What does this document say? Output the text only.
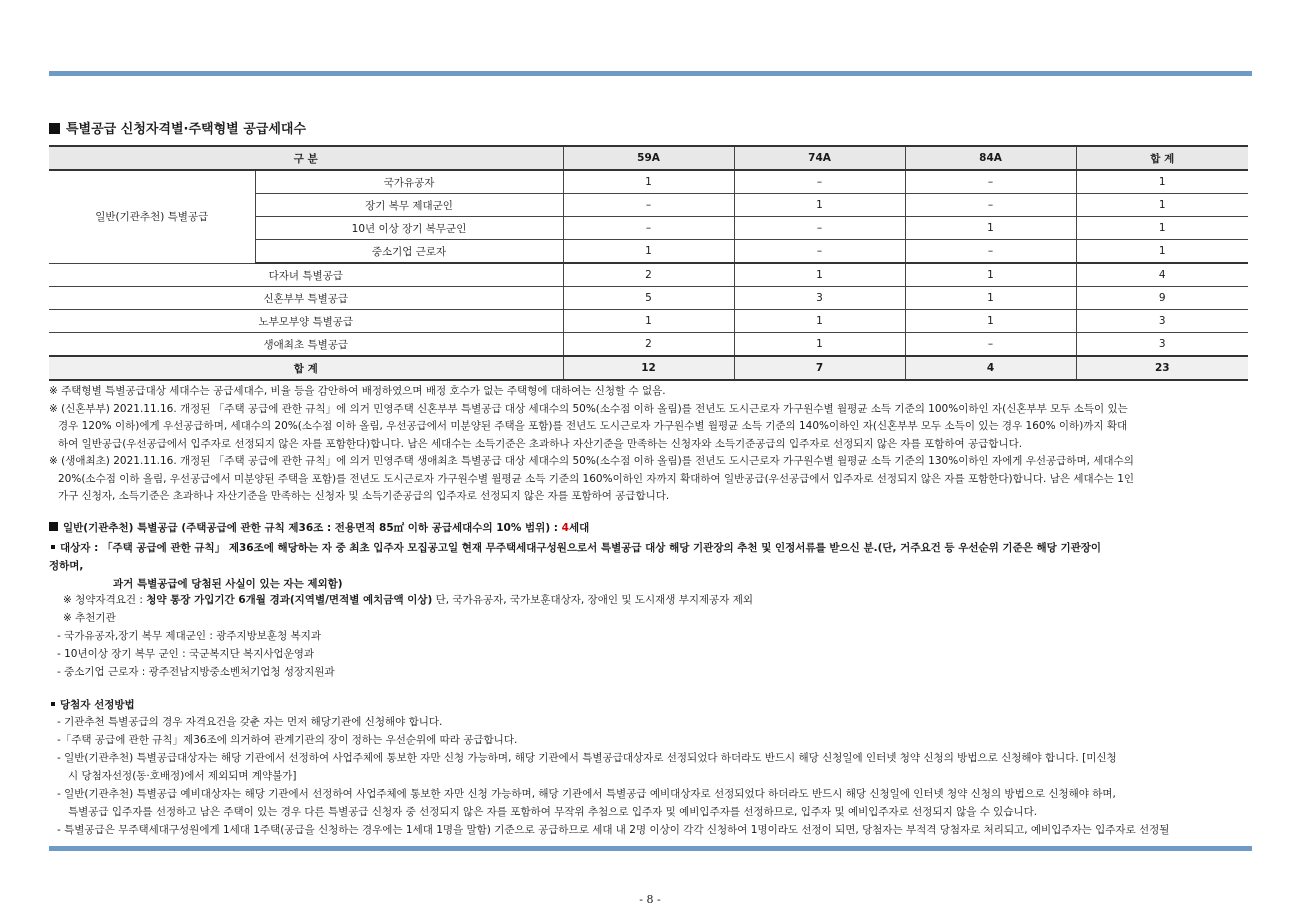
특별공급 신청자격별·주택형별 공급세대수
구 분		59A	74A	84A	합 계
일반(기관추천) 특별공급	국가유공자	1	–	–	1
	장기 복무 제대군인	–	1	–	1
	10년 이상 장기 복무군인	–	–	1	1
	중소기업 근로자	1	–	–	1
다자녀 특별공급		2	1	1	4
신혼부부 특별공급		5	3	1	9
노부모부양 특별공급		1	1	1	3
생애최초 특별공급		2	1	–	3
합 계		12	7	4	23

※ 주택형별 특별공급대상 세대수는 공급세대수, 비율 등을 감안하여 배정하였으며 배정 호수가 없는 주택형에 대하여는 신청할 수 없음.

※ (신혼부부) 2021.11.16. 개정된 「주택 공급에 관한 규칙」에 의거 민영주택 신혼부부 특별공급 대상 세대수의 50%(소수점 이하 올림)를 전년도 도시근로자 가구원수별 월평균 소득 기준의 100%이하인 자(신혼부부 모두 소득이 있는

경우 120% 이하)에게 우선공급하며, 세대수의 20%(소수점 이하 올림, 우선공급에서 미분양된 주택을 포함)를 전년도 도시근로자 가구원수별 월평균 소득 기준의 140%이하인 자(신혼부부 모두 소득이 있는 경우 160% 이하)까지 확대

하여 일반공급(우선공급에서 입주자로 선정되지 않은 자를 포함한다)합니다. 남은 세대수는 소득기준은 초과하나 자산기준을 만족하는 신청자와 소득기준공급의 입주자로 선정되지 않은 자를 포함하여 공급합니다.

※ (생애최초) 2021.11.16. 개정된 「주택 공급에 관한 규칙」에 의거 민영주택 생애최초 특별공급 대상 세대수의 50%(소수점 이하 올림)를 전년도 도시근로자 가구원수별 월평균 소득 기준의 130%이하인 자에게 우선공급하며, 세대수의

20%(소수점 이하 올림, 우선공급에서 미분양된 주택을 포함)를 전년도 도시근로자 가구원수별 월평균 소득 기준의 160%이하인 자까지 확대하여 일반공급(우선공급에서 입주자로 선정되지 않은 자를 포함한다)합니다. 남은 세대수는 1인

가구 신청자, 소득기준은 초과하나 자산기준을 만족하는 신청자 및 소득기준공급의 입주자로 선정되지 않은 자를 포함하여 공급합니다.

일반(기관추천) 특별공급 (주택공급에 관한 규칙 제36조 : 전용면적 85㎡ 이하 공급세대수의 10% 범위) : 4세대
대상자 : 「주택 공급에 관한 규칙」 제36조에 해당하는 자 중 최초 입주자 모집공고일 현재 무주택세대구성원으로서 특별공급 대상 해당 기관장의 추천 및 인정서류를 받으신 분.(단, 거주요건 등 우선순위 기준은 해당 기관장이
정하며,
과거 특별공급에 당첨된 사실이 있는 자는 제외함)
※ 청약자격요건 : 청약 통장 가입기간 6개월 경과(지역별/면적별 예치금액 이상) 단, 국가유공자, 국가보훈대상자, 장애인 및 도시재생 부지제공자 제외
※ 추천기관
- 국가유공자,장기 복무 제대군인 : 광주지방보훈청 복지과
- 10년이상 장기 복무 군인 : 국군복지단 복지사업운영과
- 중소기업 근로자 : 광주전남지방중소벤처기업청 성장지원과
당첨자 선정방법
- 기관추천 특별공급의 경우 자격요건을 갖춘 자는 먼저 해당기관에 신청해야 합니다.
-「주택 공급에 관한 규칙」제36조에 의거하여 관계기관의 장이 정하는 우선순위에 따라 공급합니다.
- 일반(기관추천) 특별공급대상자는 해당 기관에서 선정하여 사업주체에 통보한 자만 신청 가능하며, 해당 기관에서 특별공급대상자로 선정되었다 하더라도 반드시 해당 신청일에 인터넷 청약 신청의 방법으로 신청해야 합니다. [미신청
시 당첨자선정(동·호배정)에서 제외되며 계약불가]
- 일반(기관추천) 특별공급 예비대상자는 해당 기관에서 선정하여 사업주체에 통보한 자만 신청 가능하며, 해당 기관에서 특별공급 예비대상자로 선정되었다 하더라도 반드시 해당 신청일에 인터넷 청약 신청의 방법으로 신청해야 하며,
특별공급 입주자를 선정하고 남은 주택이 있는 경우 다른 특별공급 신청자 중 선정되지 않은 자를 포함하여 무작위 추첨으로 입주자 및 예비입주자를 선정하므로, 입주자 및 예비입주자로 선정되지 않을 수 있습니다.
- 특별공급은 무주택세대구성원에게 1세대 1주택(공급을 신청하는 경우에는 1세대 1명을 말함) 기준으로 공급하므로 세대 내 2명 이상이 각각 신청하여 1명이라도 선정이 되면, 당첨자는 부적격 당첨자로 처리되고, 예비입주자는 입주자로 선정될
- 8 -
